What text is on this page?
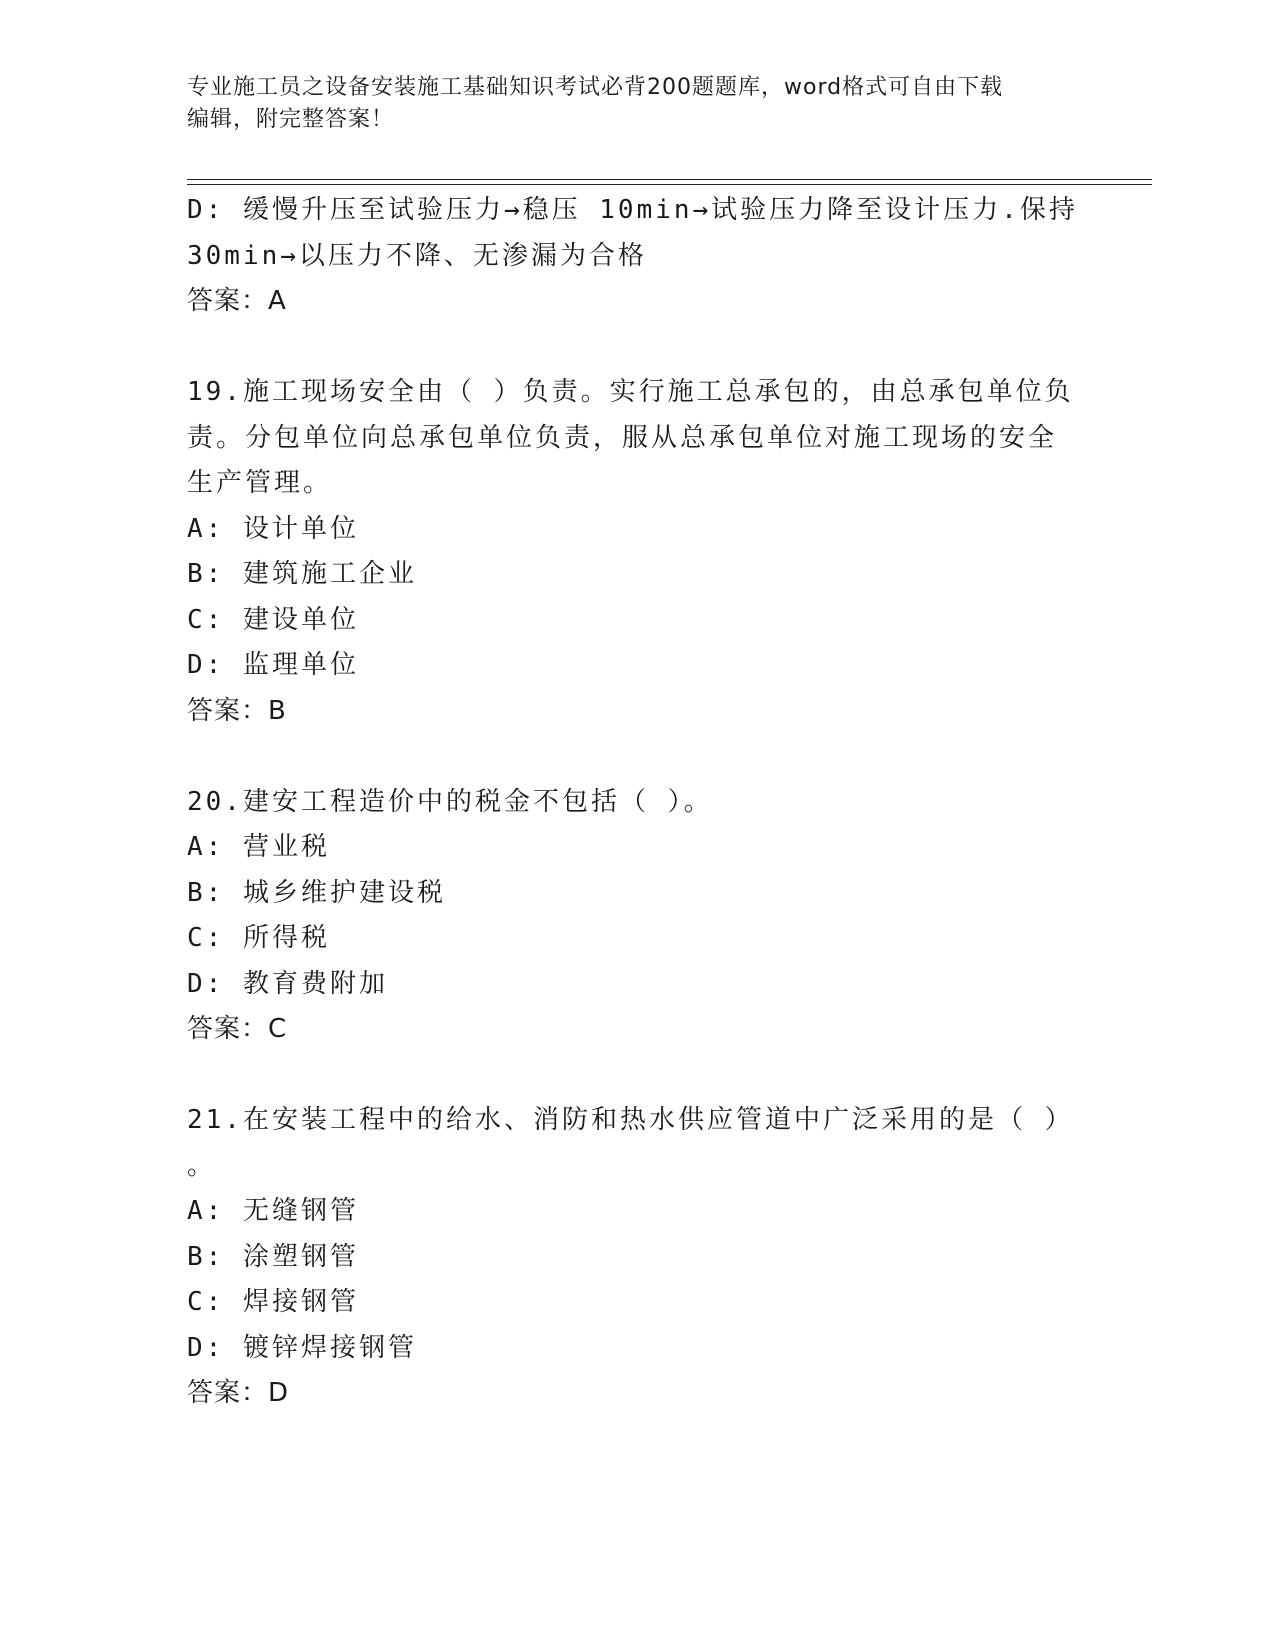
专业施工员之设备安装施工基础知识考试必背200题题库，word格式可自由下载
编辑，附完整答案！
D: 缓慢升压至试验压力→稳压 10min→试验压力降至设计压力.保持
30min→以压力不降、无渗漏为合格
答案：A
19.施工现场安全由（ ）负责。实行施工总承包的，由总承包单位负
责。分包单位向总承包单位负责，服从总承包单位对施工现场的安全
生产管理。
A: 设计单位
B: 建筑施工企业
C: 建设单位
D: 监理单位
答案：B
20.建安工程造价中的税金不包括（ ）。
A: 营业税
B: 城乡维护建设税
C: 所得税
D: 教育费附加
答案：C
21.在安装工程中的给水、消防和热水供应管道中广泛采用的是（ ）
。
A: 无缝钢管
B: 涂塑钢管
C: 焊接钢管
D: 镀锌焊接钢管
答案：D
